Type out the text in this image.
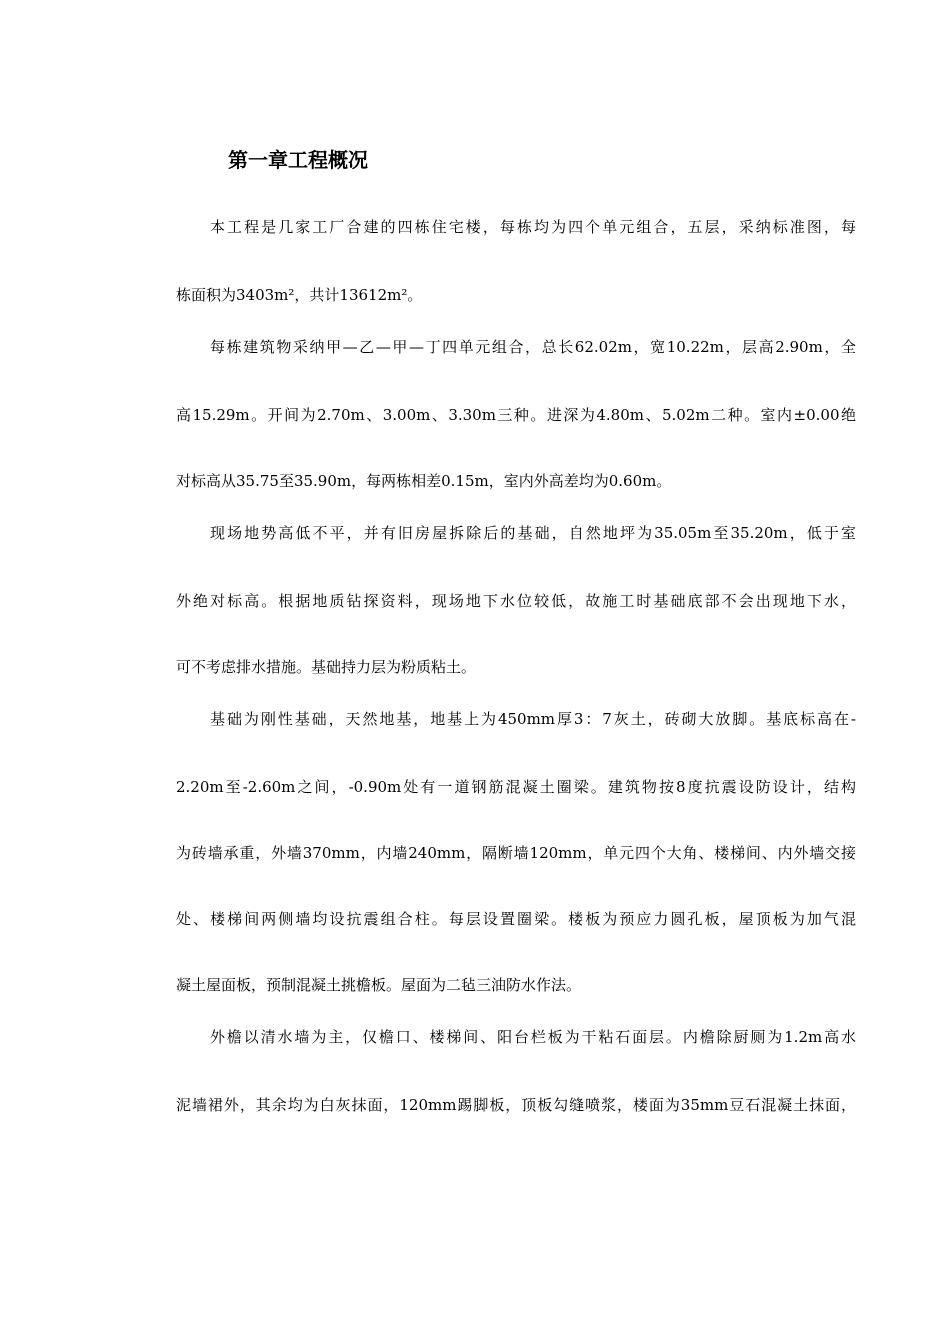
第一章工程概况

本工程是几家工厂合建的四栋住宅楼，每栋均为四个单元组合，五层，采纳标准图，每

栋面积为3403m²，共计13612m²。

每栋建筑物采纳甲—乙—甲—丁四单元组合，总长62.02m，宽10.22m，层高2.90m，全

高15.29m。开间为2.70m、3.00m、3.30m三种。进深为4.80m、5.02m二种。室内±0.00绝

对标高从35.75至35.90m，每两栋相差0.15m，室内外高差均为0.60m。

现场地势高低不平，并有旧房屋拆除后的基础，自然地坪为35.05m至35.20m，低于室

外绝对标高。根据地质钻探资料，现场地下水位较低，故施工时基础底部不会出现地下水，

可不考虑排水措施。基础持力层为粉质粘土。

基础为刚性基础，天然地基，地基上为450mm厚3：7灰土，砖砌大放脚。基底标高在-

2.20m至-2.60m之间，-0.90m处有一道钢筋混凝土圈梁。建筑物按8度抗震设防设计，结构

为砖墙承重，外墙370mm，内墙240mm，隔断墙120mm，单元四个大角、楼梯间、内外墙交接

处、楼梯间两侧墙均设抗震组合柱。每层设置圈梁。楼板为预应力圆孔板，屋顶板为加气混

凝土屋面板，预制混凝土挑檐板。屋面为二毡三油防水作法。

外檐以清水墙为主，仅檐口、楼梯间、阳台栏板为干粘石面层。内檐除厨厕为1.2m高水

泥墙裙外，其余均为白灰抹面，120mm踢脚板，顶板勾缝喷浆，楼面为35mm豆石混凝土抹面，
